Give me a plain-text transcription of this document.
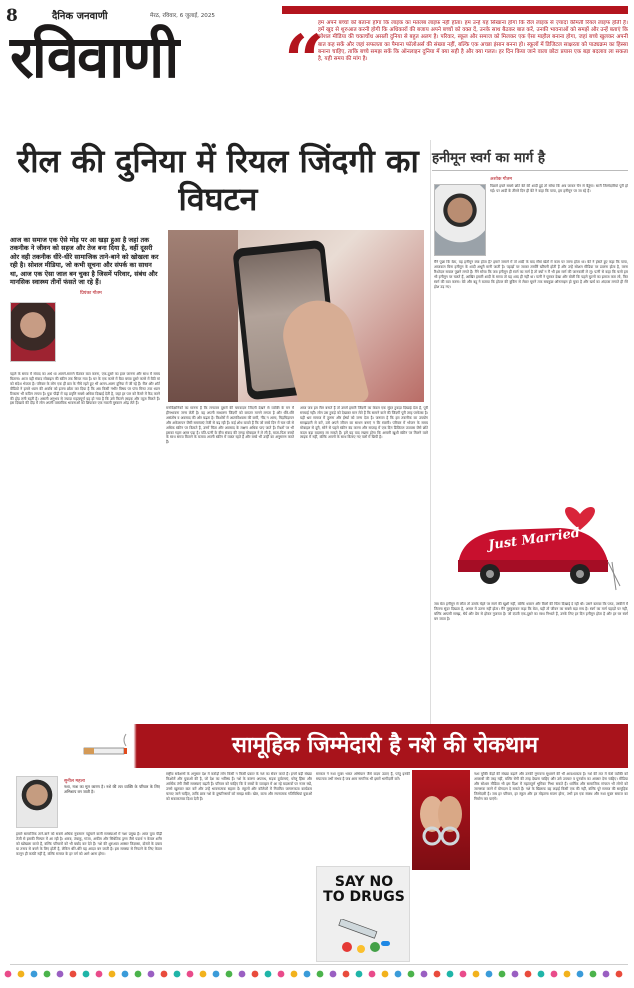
8	दैनिक जनवाणी	मेरठ, रविवार, 6 जुलाई, 2025
रविवाणी “
हम अपने बच्चों को बताना होगा कि लाइक का मतलब लाइफ़ नहीं होता। हम उन्हें यह सिखाना होगा कि रील लाइक से ज़्यादा कीमती रियल लाइफ होती है। हमें खुद से शुरुआत करनी होगी कि अधिकारों की बजाय अपने बच्चों को वक्त दें, उनके साथ बैठकर बात करें, उनकी भावनाओं को समझें और उन्हें बताएं कि सोशल मीडिया की चकाचौंध असली दुनिया से बहुत अलग है। परिवार, स्कूल और समाज को मिलकर एक ऐसा माहौल बनाना होगा, जहां बच्चे खुलकर अपनी बात कह सकें और जहां सफलता का पैमाना फॉलोअर्स की संख्या नहीं, बल्कि एक अच्छा इंसान बनना हो। स्कूलों में डिजिटल साक्षरता को पाठ्यक्रम का हिस्सा बनाना चाहिए, ताकि बच्चे समझ सकें कि ऑनलाइन दुनिया में क्या सही है और क्या गलत। हर दिन किया जाने वाला छोटा प्रयास एक बड़ा बदलाव ला सकता है, यही समय की मांग है।
रील की दुनिया में रियल जिंदगी का विघटन
आज का समाज एक ऐसे मोड़ पर आ खड़ा हुआ है जहां तक तकनीक ने जीवन को सहज और तेज बना दिया है, वहीं दूसरी ओर वही तकनीक धीरे-धीरे सामाजिक ताने-बाने को खोखला कर रही है। सोशल मीडिया, जो कभी सूचना और संपर्क का साधन था, आज एक ऐसा जाल बन चुका है जिसमें परिवार, संबंध और मानसिक स्वास्थ्य तीनों फंसते जा रहे हैं।
प्रियंका गौतम
पहले के समय में संवाद का अर्थ था आमने-सामने बैठकर बात करना, एक-दूसरे का हाल जानना और साथ में समय बिताना। आज वही संवाद मोबाइल की स्क्रीन तक सिमट गया है। घर के एक कमरे में बैठा बच्चा दूसरे कमरे में बैठी मां को संदेश भेजता है। परिवार के लोग एक ही छत के नीचे रहते हुए भी अलग-अलग दुनिया में जी रहे हैं। रील और शॉर्ट वीडियो ने हमारे ध्यान की अवधि को इतना छोटा कर दिया है कि अब किसी गंभीर विषय पर पांच मिनट तक ध्यान टिकाना भी कठिन लगता है। युवा पीढ़ी में यह प्रवृत्ति सबसे अधिक दिखाई देती है, जहां हर पल को कैमरे में कैद करने की होड़ लगी रहती है। असली अनुभव से ज्यादा महत्वपूर्ण यह हो गया है कि उसे कितने लाइक और व्यूज मिलते हैं। इस दिखावे की दौड़ में लोग अपनी वास्तविक भावनाओं को छिपाकर एक नकली मुस्कान ओढ़ लेते हैं।
मनोवैज्ञानिकों का मानना है कि लगातार दूसरों की चमकदार जिंदगी देखने से व्यक्ति के मन में हीनभावना जन्म लेती है। वह अपनी साधारण जिंदगी को कमतर मानने लगता है और धीरे-धीरे असंतोष व अवसाद की ओर बढ़ता है। किशोरों में आत्मविश्वास की कमी, नींद न आना, चिड़चिड़ापन और अकेलापन जैसी समस्याएं तेजी से बढ़ रही हैं। कई शोध बताते हैं कि जो बच्चे दिन में चार घंटे से अधिक स्क्रीन पर बिताते हैं, उनमें चिंता और अवसाद के लक्षण अधिक पाए जाते हैं। रिश्तों पर भी इसका गहरा असर पड़ा है। पति-पत्नी के बीच संवाद की जगह मोबाइल ने ले ली है, माता-पिता बच्चों के साथ समय बिताने के बजाय अपनी स्क्रीन में व्यस्त रहते हैं और बच्चे भी उन्हीं का अनुसरण करते हैं।
आज जब हम रील बनाते हैं तो उसमें हमारी जिंदगी का केवल एक सुंदर टुकड़ा दिखाई देता है, पूरी सच्चाई नहीं। लोग उस टुकड़े को देखकर मान लेते हैं कि सामने वाले की जिंदगी पूरी तरह परफेक्ट है। यही भ्रम समाज में तुलना और ईर्ष्या को जन्म देता है। जरूरत है कि हम तकनीक का उपयोग समझदारी से करें, उसे अपने जीवन का साधन बनाएं न कि स्वामी। परिवार में भोजन के समय मोबाइल से दूरी, सोने से पहले स्क्रीन बंद करना और सप्ताह में एक दिन डिजिटल उपवास जैसे छोटे कदम बड़ा बदलाव ला सकते हैं। हमें यह याद रखना होगा कि असली खुशी स्क्रीन पर मिलने वाले लाइक में नहीं, बल्कि अपनों के साथ बिताए गए पलों में छिपी है।
हनीमून स्वर्ग का मार्ग है
अशोक गौतम
पिछले हफ्ते सबसे छोटे बेटे की शादी हुई तो सोचा कि अब जाकर चैन से बैठूंगा। सारी जिम्मेदारियां पूरी हो गईं। पर शादी के तीसरे दिन ही बेटे ने कहा कि पापा, हम हनीमून पर जा रहे हैं।
मैंने पूछा कि बेटा, यह हनीमून क्या होता है? हमारे जमाने में तो शादी के बाद सीधे खेतों में काम पर जाना होता था। बेटे ने हंसते हुए कहा कि पापा, आजकल बिना हनीमून के शादी अधूरी मानी जाती है। पहाड़ों पर जाकर तस्वीरें खींचनी होती हैं और उन्हें सोशल मीडिया पर डालना होता है, वरना रिश्तेदार सवाल पूछने लगते हैं। मैंने सोचा कि जब हनीमून ही स्वर्ग का मार्ग है तो क्यों न मैं भी इस मार्ग की जानकारी ले लूं। पत्नी से कहा कि चलो हम भी हनीमून पर चलते हैं, आखिर हमारी शादी के समय तो यह शब्द ही नहीं था। पत्नी ने घूरकर देखा और बोली कि पहले घुटनों का इलाज करा लो, फिर स्वर्ग की बात करना। बेटे और बहू ने बताया कि होटल की बुकिंग से लेकर घूमने तक सबकुछ ऑनलाइन हो चुका है और खर्च का अंदाजा लगाते ही मेरे होश उड़ गए।
Just Married
जब बेटा हनीमून से लौटा तो उसके चेहरे पर स्वर्ग की खुशी नहीं, बल्कि थकान और बिलों की चिंता दिखाई दे रही थी। उसने बताया कि पापा, तस्वीरों में जितना सुंदर दिखता है, असल में उतना नहीं होता। मैंने मुस्कुराकर कहा कि बेटा, यही तो जीवन का सबसे बड़ा सच है। स्वर्ग का मार्ग पहाड़ों पर नहीं, बल्कि आपसी समझ, धैर्य और प्रेम से होकर गुजरता है। जो दंपती एक-दूसरे का साथ निभाते हैं, उनके लिए हर दिन हनीमून होता है और हर घर स्वर्ग बन जाता है।
सामूहिक जिम्मेदारी है नशे की रोकथाम
सुनील महला
नशा, नाश का मूल कारण है। नशे की लत व्यक्ति के परिवार के लिए अभिशाप बन जाती है।
हमारे सामाजिक ताने-बाने को सबसे अधिक नुकसान पहुंचाने वाली समस्याओं में नशा प्रमुख है। आज युवा पीढ़ी तेजी से इसकी गिरफ्त में आ रही है। शराब, तंबाकू, गांजा, अफीम और सिंथेटिक ड्रग्स जैसे पदार्थ न केवल शरीर को खोखला करते हैं, बल्कि परिवारों को भी बर्बाद कर देते हैं। नशे की शुरुआत अक्सर जिज्ञासा, दोस्तों के दबाव या तनाव से बचने के लिए होती है, लेकिन धीरे-धीरे यह आदत बन जाती है। इस समस्या से निपटने के लिए केवल कानून ही काफी नहीं है, बल्कि समाज के हर वर्ग को आगे आना होगा।
राष्ट्रीय सर्वेक्षणों के अनुसार देश में करोड़ों लोग किसी न किसी प्रकार के नशे का सेवन करते हैं। इनमें बड़ी संख्या किशोरों और युवाओं की है, जो देश का भविष्य हैं। नशे के कारण अपराध, सड़क दुर्घटनाएं, घरेलू हिंसा और आर्थिक तंगी जैसी समस्याएं बढ़ती हैं। परिवार को चाहिए कि वे बच्चों के व्यवहार में आ रहे बदलावों पर नजर रखें, उनसे खुलकर बात करें और उन्हें भावनात्मक सहारा दें। स्कूलों और कॉलेजों में नियमित जागरूकता कार्यक्रम चलाए जाने चाहिए, ताकि छात्र नशे के दुष्परिणामों को समझ सकें। खेल, कला और रचनात्मक गतिविधियां युवाओं को सकारात्मक दिशा देती हैं।
सरकार ने नशा मुक्त भारत अभियान जैसे कदम उठाए हैं, परंतु इनकी सफलता तभी संभव है जब आम नागरिक भी इसमें भागीदारी करें।
SAY NO TO DRUGS
नशा मुक्ति केंद्रों की संख्या बढ़ाने और उनकी गुणवत्ता सुधारने की भी आवश्यकता है। नशे की लत में फंसे व्यक्ति को अपराधी की तरह नहीं, बल्कि रोगी की तरह देखना चाहिए और उसे उपचार व पुनर्वास का अवसर देना चाहिए। मीडिया और सोशल मीडिया भी इस दिशा में महत्वपूर्ण भूमिका निभा सकते हैं। धार्मिक और सामाजिक संगठन भी लोगों को जागरूक करने में योगदान दे सकते हैं। नशे के खिलाफ यह लड़ाई किसी एक की नहीं, बल्कि पूरे समाज की सामूहिक जिम्मेदारी है। जब हर परिवार, हर स्कूल और हर मोहल्ला सजग होगा, तभी हम एक स्वस्थ और नशा मुक्त समाज का निर्माण कर पाएंगे।
